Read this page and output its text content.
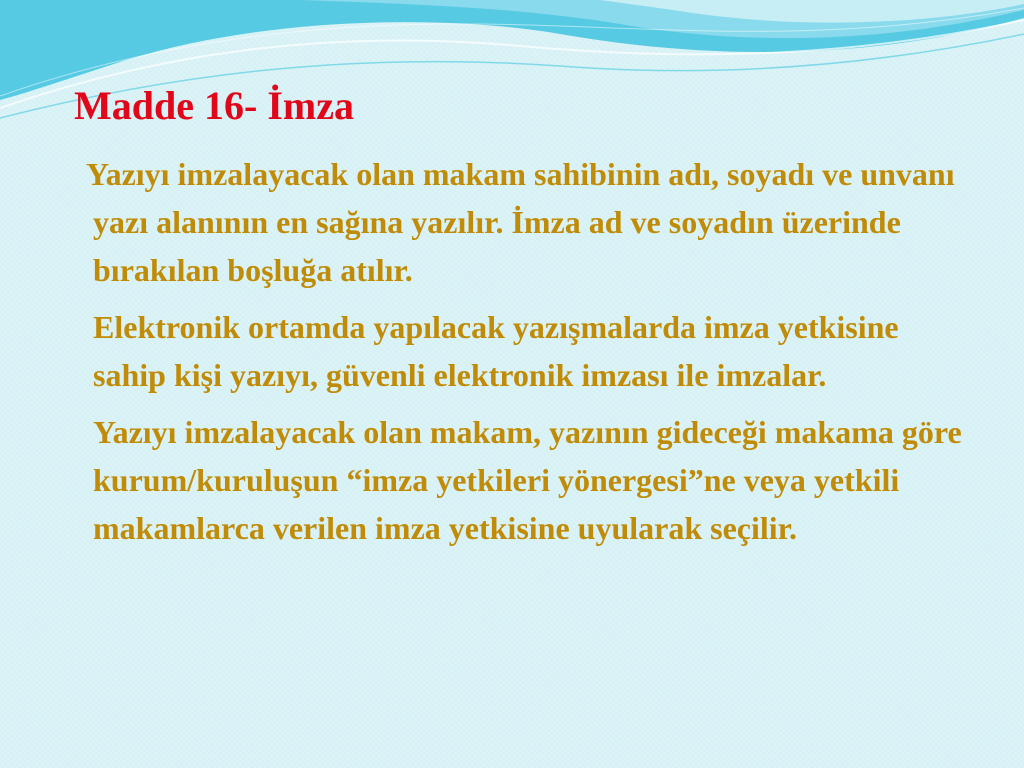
Madde 16- İmza

Yazıyı imzalayacak olan makam sahibinin adı, soyadı ve unvanı yazı alanının en sağına yazılır. İmza ad ve soyadın üzerinde bırakılan boşluğa atılır.

Elektronik ortamda yapılacak yazışmalarda imza yetkisine sahip kişi yazıyı, güvenli elektronik imzası ile imzalar.

Yazıyı imzalayacak olan makam, yazının gideceği makama göre kurum/kuruluşun “imza yetkileri yönergesi”ne veya yetkili makamlarca verilen imza yetkisine uyularak seçilir.
